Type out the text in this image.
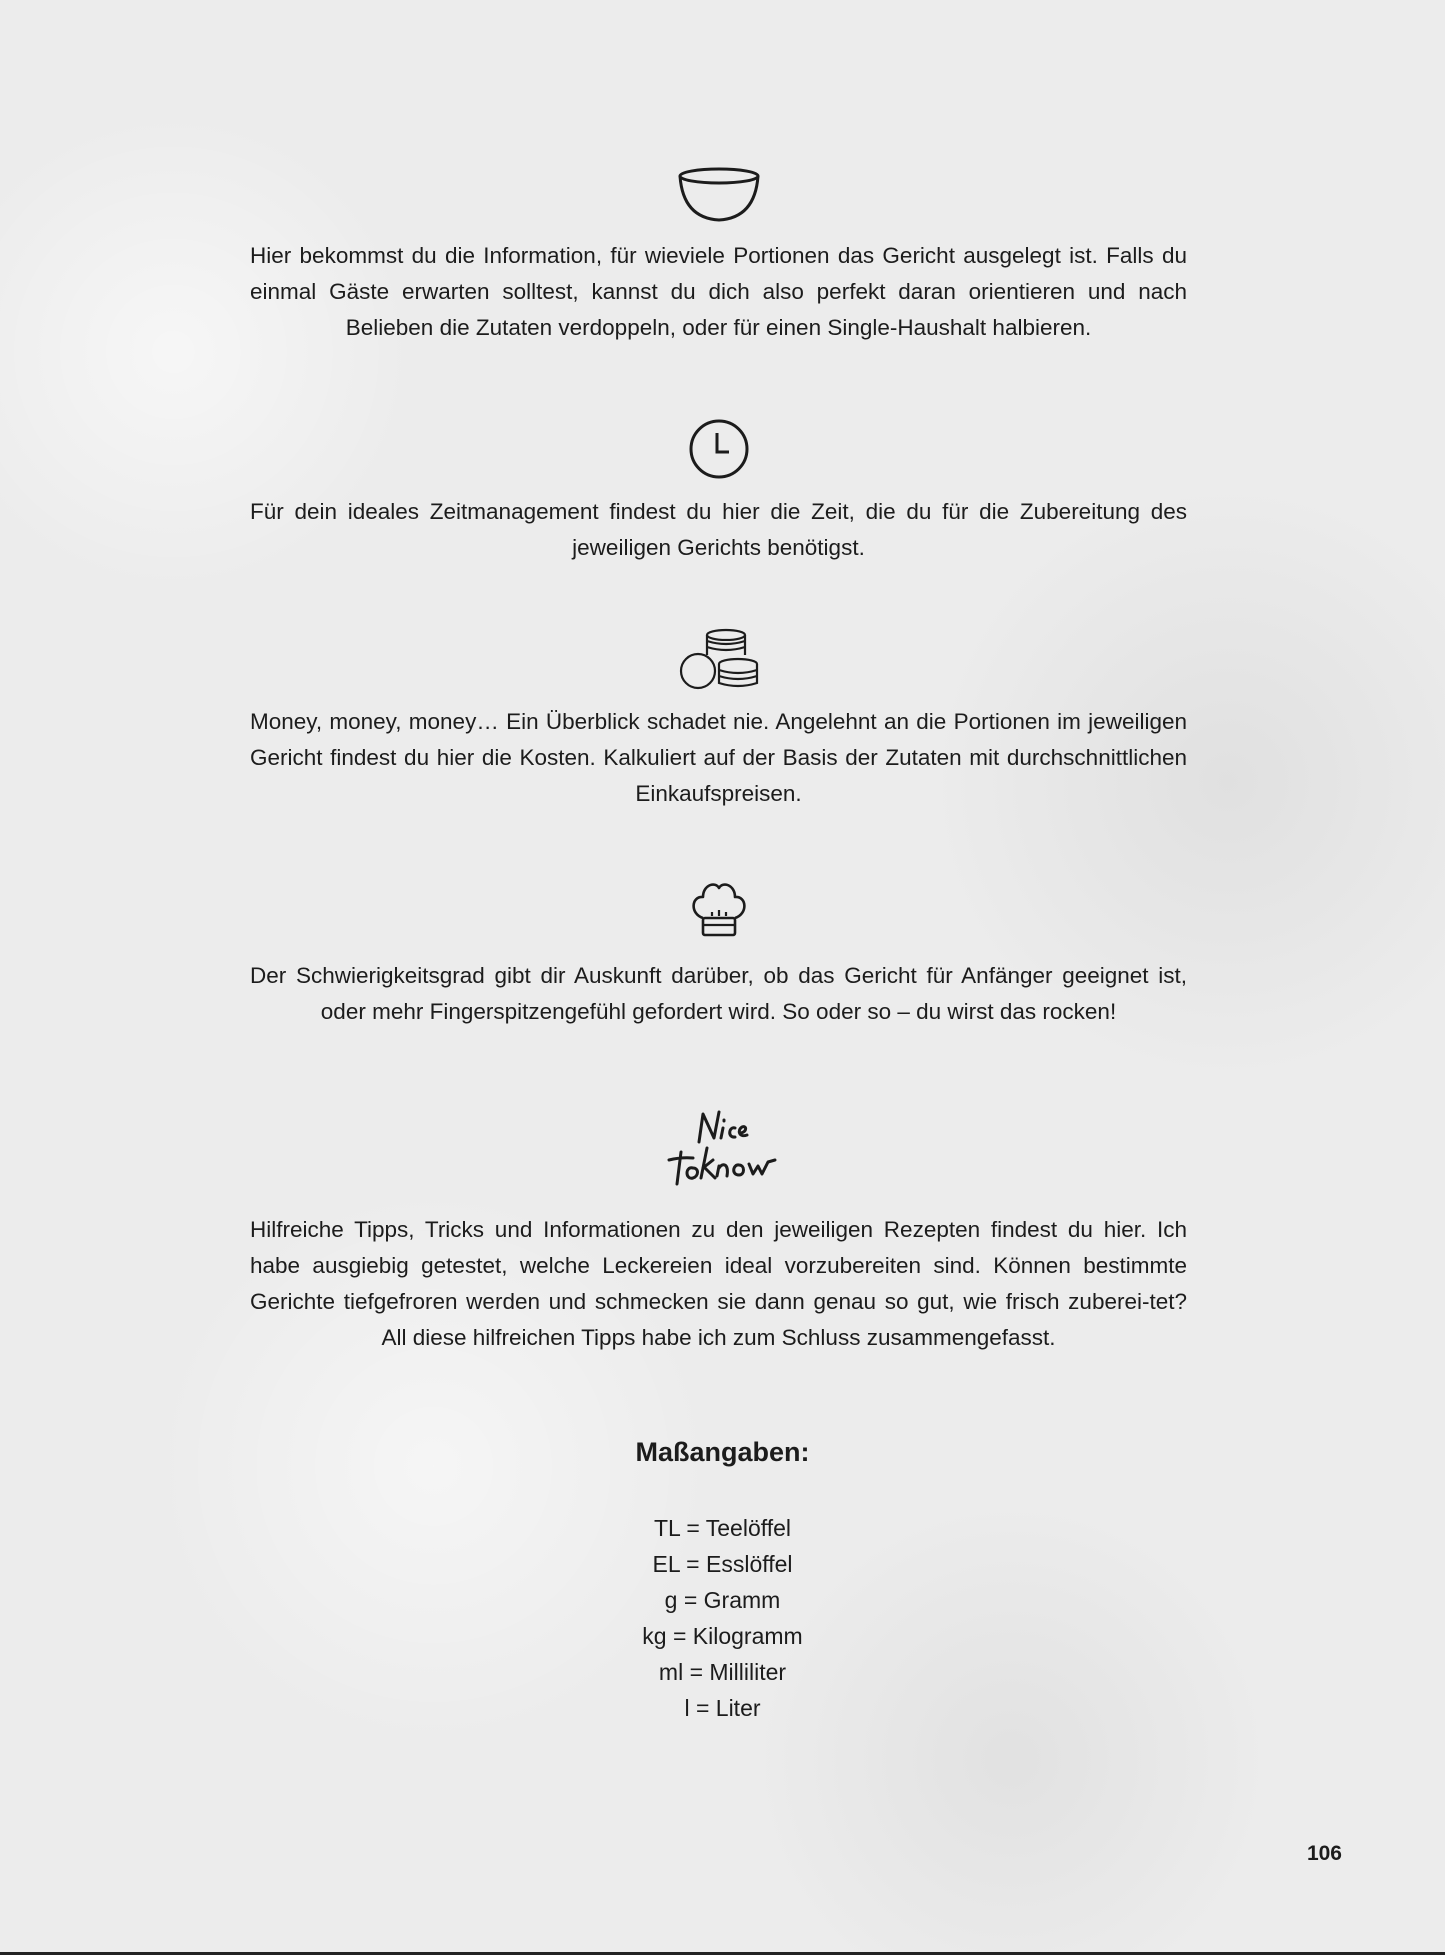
Hier bekommst du die Information, für wieviele Portionen das Gericht ausgelegt ist. Falls du einmal Gäste erwarten solltest, kannst du dich also perfekt daran orientieren und nach Belieben die Zutaten verdoppeln, oder für einen Single-Haushalt halbieren.

Für dein ideales Zeitmanagement findest du hier die Zeit, die du für die Zubereitung des jeweiligen Gerichts benötigst.

Money, money, money… Ein Überblick schadet nie. Angelehnt an die Portionen im jeweiligen Gericht findest du hier die Kosten. Kalkuliert auf der Basis der Zutaten mit durchschnittlichen Einkaufspreisen.

Der Schwierigkeitsgrad gibt dir Auskunft darüber, ob das Gericht für Anfänger geeignet ist, oder mehr Fingerspitzengefühl gefordert wird. So oder so – du wirst das rocken!

Hilfreiche Tipps, Tricks und Informationen zu den jeweiligen Rezepten findest du hier. Ich habe ausgiebig getestet, welche Leckereien ideal vorzubereiten sind. Können bestimmte Gerichte tiefgefroren werden und schmecken sie dann genau so gut, wie frisch zuberei-tet? All diese hilfreichen Tipps habe ich zum Schluss zusammengefasst.

Maßangaben:
TL = Teelöffel
EL = Esslöffel
g = Gramm
kg = Kilogramm
ml = Milliliter
l = Liter
106
